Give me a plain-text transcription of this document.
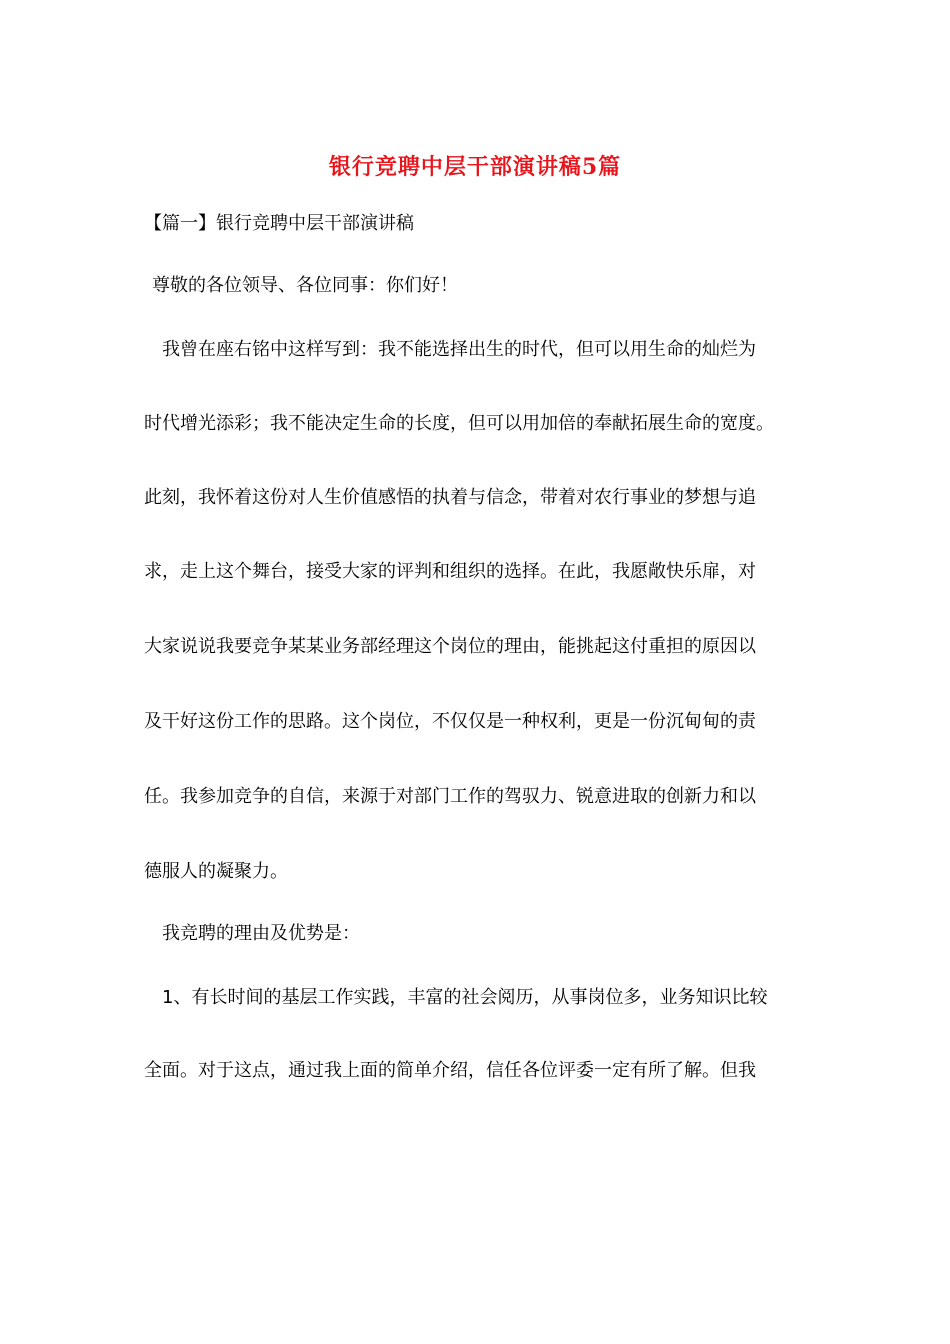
银行竞聘中层干部演讲稿5篇
【篇一】银行竞聘中层干部演讲稿
尊敬的各位领导、各位同事：你们好！
我曾在座右铭中这样写到：我不能选择出生的时代，但可以用生命的灿烂为
时代增光添彩；我不能决定生命的长度，但可以用加倍的奉献拓展生命的宽度。
此刻，我怀着这份对人生价值感悟的执着与信念，带着对农行事业的梦想与追
求，走上这个舞台，接受大家的评判和组织的选择。在此，我愿敞快乐扉，对
大家说说我要竞争某某业务部经理这个岗位的理由，能挑起这付重担的原因以
及干好这份工作的思路。这个岗位，不仅仅是一种权利，更是一份沉甸甸的责
任。我参加竞争的自信，来源于对部门工作的驾驭力、锐意进取的创新力和以
德服人的凝聚力。
我竞聘的理由及优势是：
1、有长时间的基层工作实践，丰富的社会阅历，从事岗位多，业务知识比较
全面。对于这点，通过我上面的简单介绍，信任各位评委一定有所了解。但我
